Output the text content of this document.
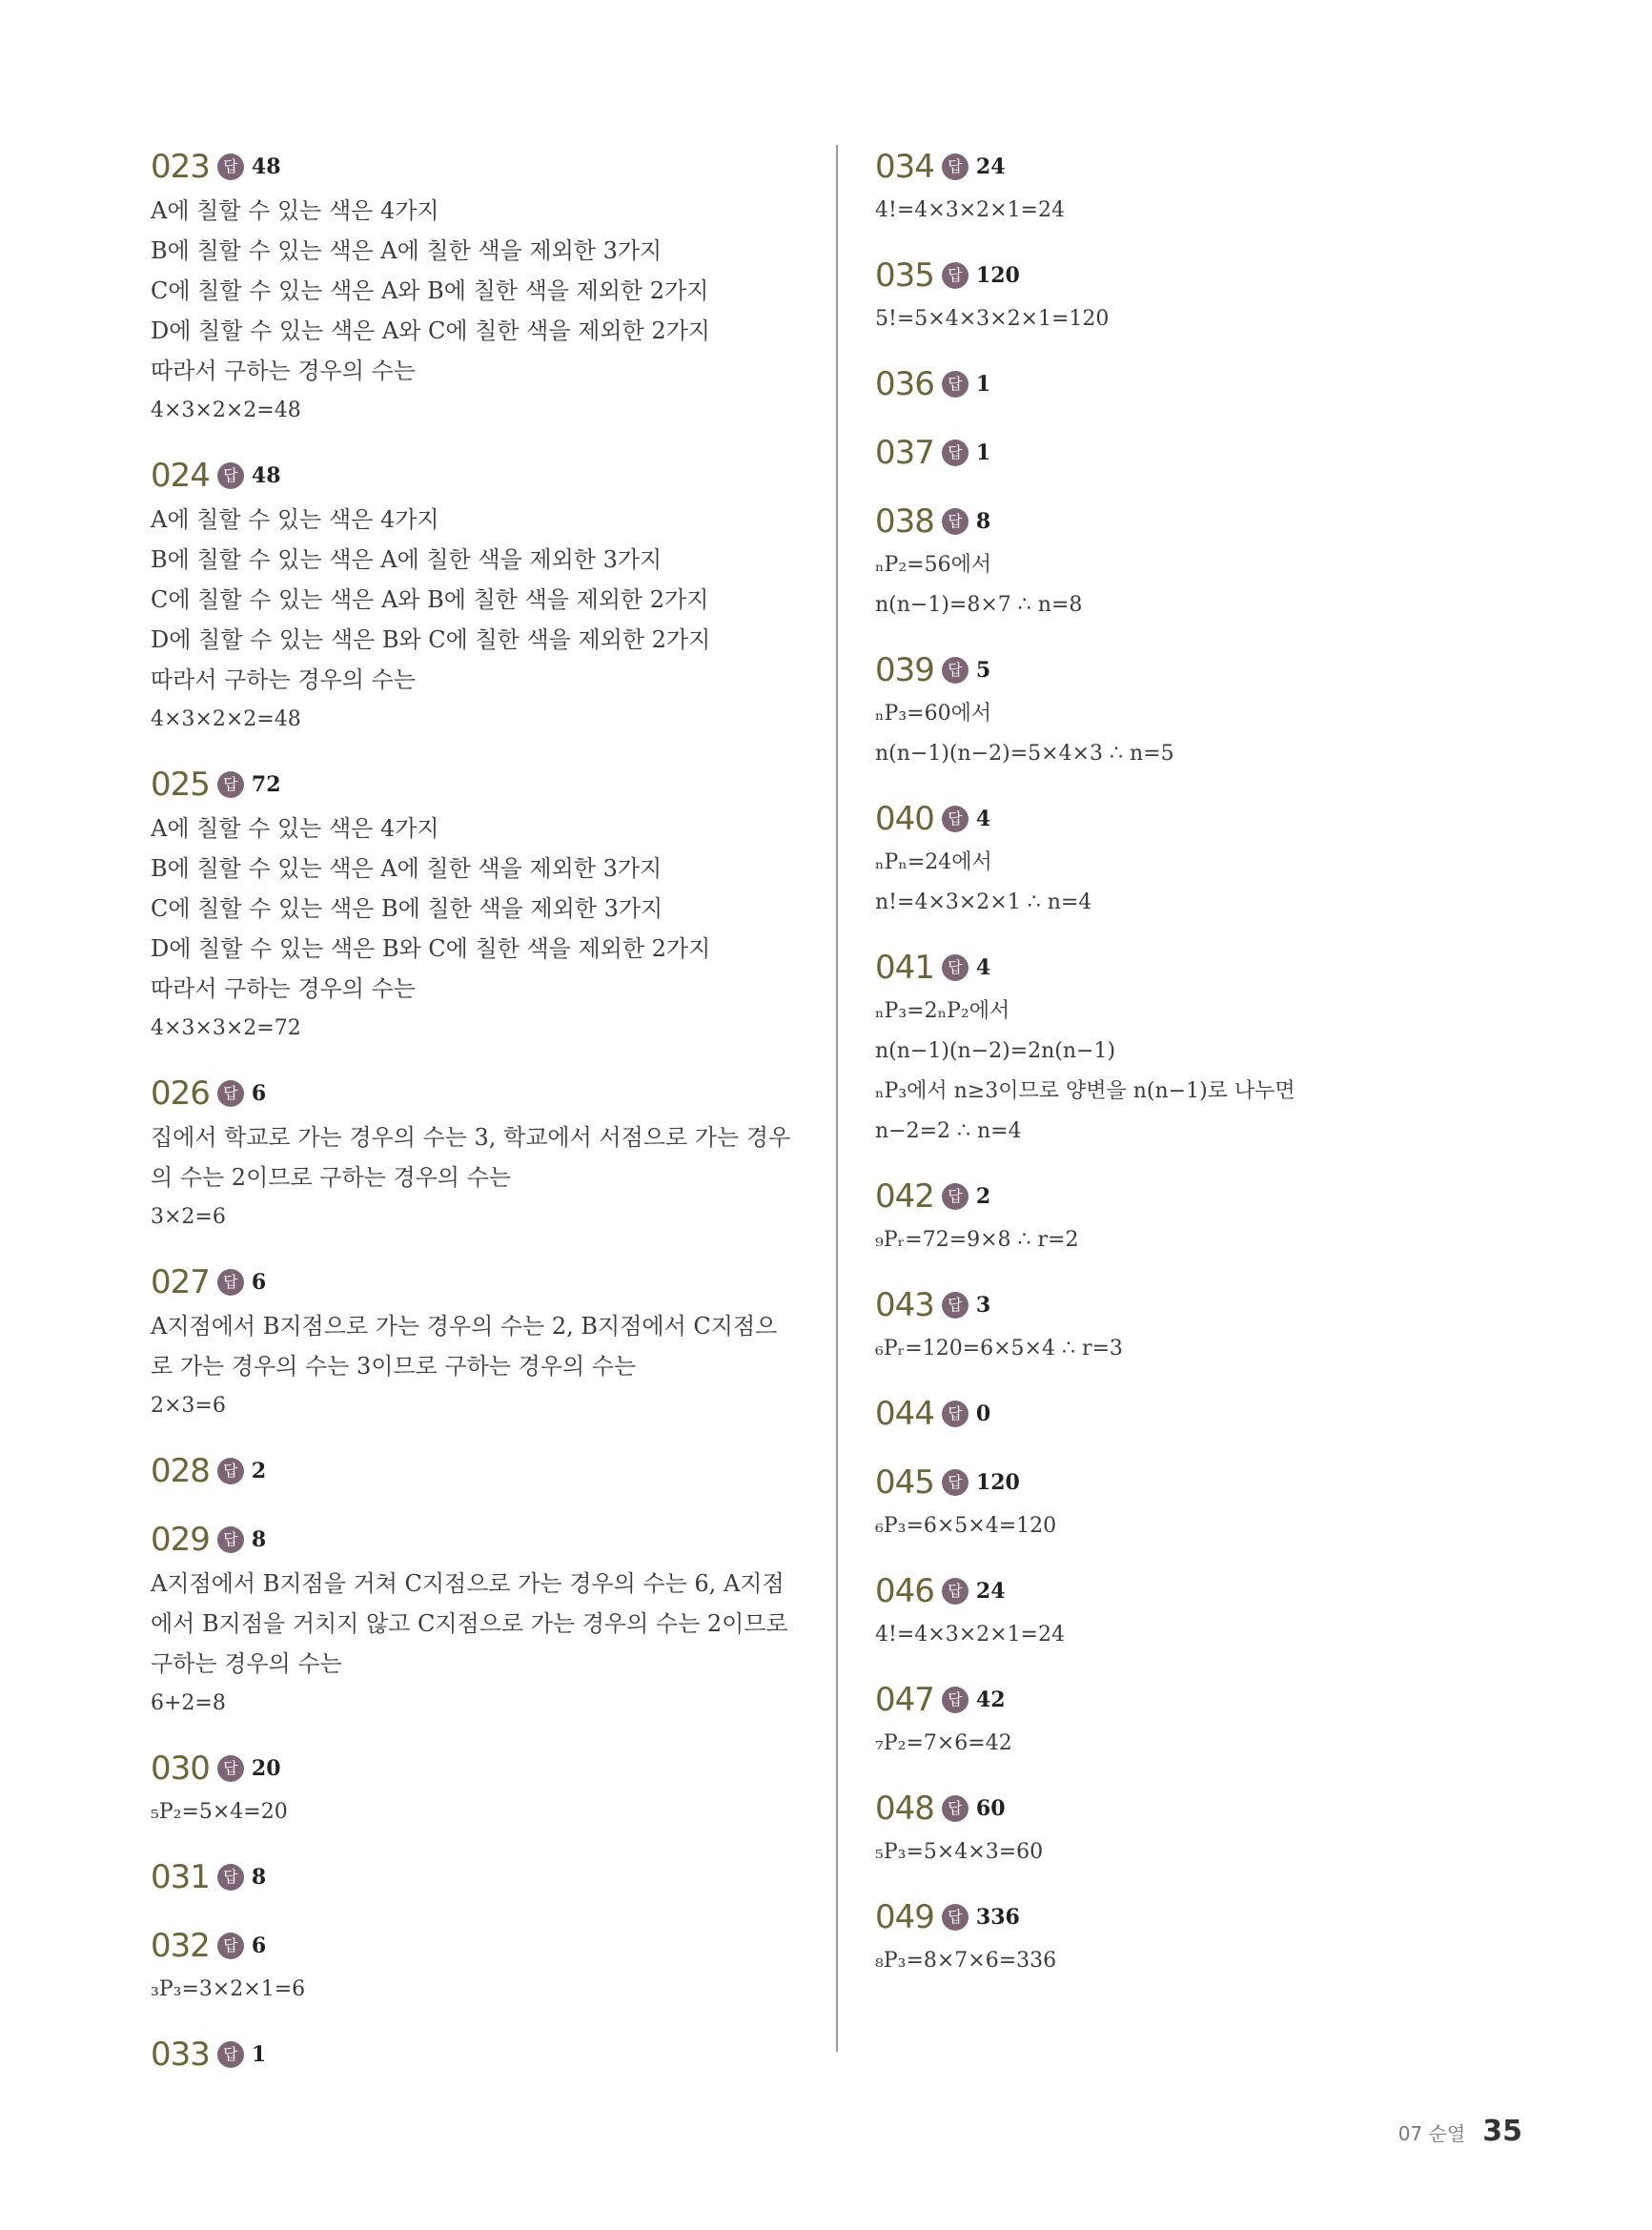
023 답 48
A에 칠할 수 있는 색은 4가지
B에 칠할 수 있는 색은 A에 칠한 색을 제외한 3가지
C에 칠할 수 있는 색은 A와 B에 칠한 색을 제외한 2가지
D에 칠할 수 있는 색은 A와 C에 칠한 색을 제외한 2가지
따라서 구하는 경우의 수는
4×3×2×2=48
024 답 48
A에 칠할 수 있는 색은 4가지
B에 칠할 수 있는 색은 A에 칠한 색을 제외한 3가지
C에 칠할 수 있는 색은 A와 B에 칠한 색을 제외한 2가지
D에 칠할 수 있는 색은 B와 C에 칠한 색을 제외한 2가지
따라서 구하는 경우의 수는
4×3×2×2=48
025 답 72
A에 칠할 수 있는 색은 4가지
B에 칠할 수 있는 색은 A에 칠한 색을 제외한 3가지
C에 칠할 수 있는 색은 B에 칠한 색을 제외한 3가지
D에 칠할 수 있는 색은 B와 C에 칠한 색을 제외한 2가지
따라서 구하는 경우의 수는
4×3×3×2=72
026 답 6
집에서 학교로 가는 경우의 수는 3, 학교에서 서점으로 가는 경우
의 수는 2이므로 구하는 경우의 수는
3×2=6
027 답 6
A지점에서 B지점으로 가는 경우의 수는 2, B지점에서 C지점으
로 가는 경우의 수는 3이므로 구하는 경우의 수는
2×3=6
028 답 2
029 답 8
A지점에서 B지점을 거쳐 C지점으로 가는 경우의 수는 6, A지점
에서 B지점을 거치지 않고 C지점으로 가는 경우의 수는 2이므로
구하는 경우의 수는
6+2=8
030 답 20
₅P₂=5×4=20
031 답 8
032 답 6
₃P₃=3×2×1=6
033 답 1
034 답 24
4!=4×3×2×1=24
035 답 120
5!=5×4×3×2×1=120
036 답 1
037 답 1
038 답 8
ₙP₂=56에서
n(n−1)=8×7 ∴ n=8
039 답 5
ₙP₃=60에서
n(n−1)(n−2)=5×4×3 ∴ n=5
040 답 4
ₙPₙ=24에서
n!=4×3×2×1 ∴ n=4
041 답 4
ₙP₃=2ₙP₂에서
n(n−1)(n−2)=2n(n−1)
ₙP₃에서 n≥3이므로 양변을 n(n−1)로 나누면
n−2=2 ∴ n=4
042 답 2
₉Pᵣ=72=9×8 ∴ r=2
043 답 3
₆Pᵣ=120=6×5×4 ∴ r=3
044 답 0
045 답 120
₆P₃=6×5×4=120
046 답 24
4!=4×3×2×1=24
047 답 42
₇P₂=7×6=42
048 답 60
₅P₃=5×4×3=60
049 답 336
₈P₃=8×7×6=336
07 순열 35
